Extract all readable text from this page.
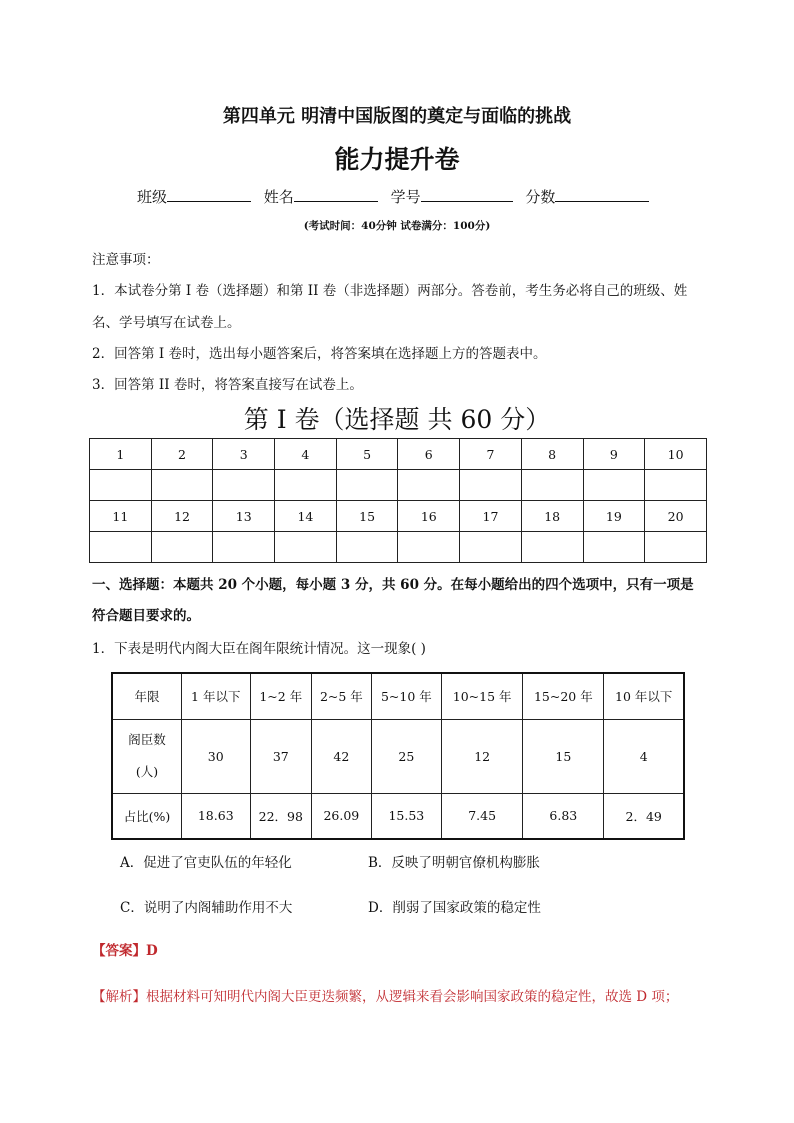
第四单元 明清中国版图的奠定与面临的挑战
能力提升卷
班级	姓名	学号	分数
(考试时间：40分钟 试卷满分：100分)
注意事项：
1．本试卷分第 I 卷（选择题）和第 II 卷（非选择题）两部分。答卷前，考生务必将自己的班级、姓
名、学号填写在试卷上。
2．回答第 I 卷时，选出每小题答案后，将答案填在选择题上方的答题表中。
3．回答第 II 卷时，将答案直接写在试卷上。
第 I 卷（选择题 共 60 分）
1	2	3	4	5	6	7	8	9	10

11	12	13	14	15	16	17	18	19	20

一、选择题：本题共 20 个小题，每小题 3 分，共 60 分。在每小题给出的四个选项中，只有一项是
符合题目要求的。
1．下表是明代内阁大臣在阁年限统计情况。这一现象( )
年限	1 年以下	1~2 年	2~5 年	5~10 年	10~15 年	15~20 年	10 年以下
阁臣数
(人)	30	37	42	25	12	15	4
占比(%)	18.63	22．98	26.09	15.53	7.45	6.83	2．49
A．促进了官吏队伍的年轻化	B．反映了明朝官僚机构膨胀
C．说明了内阁辅助作用不大	D．削弱了国家政策的稳定性
【答案】D
【解析】根据材料可知明代内阁大臣更迭频繁，从逻辑来看会影响国家政策的稳定性，故选 D 项；
